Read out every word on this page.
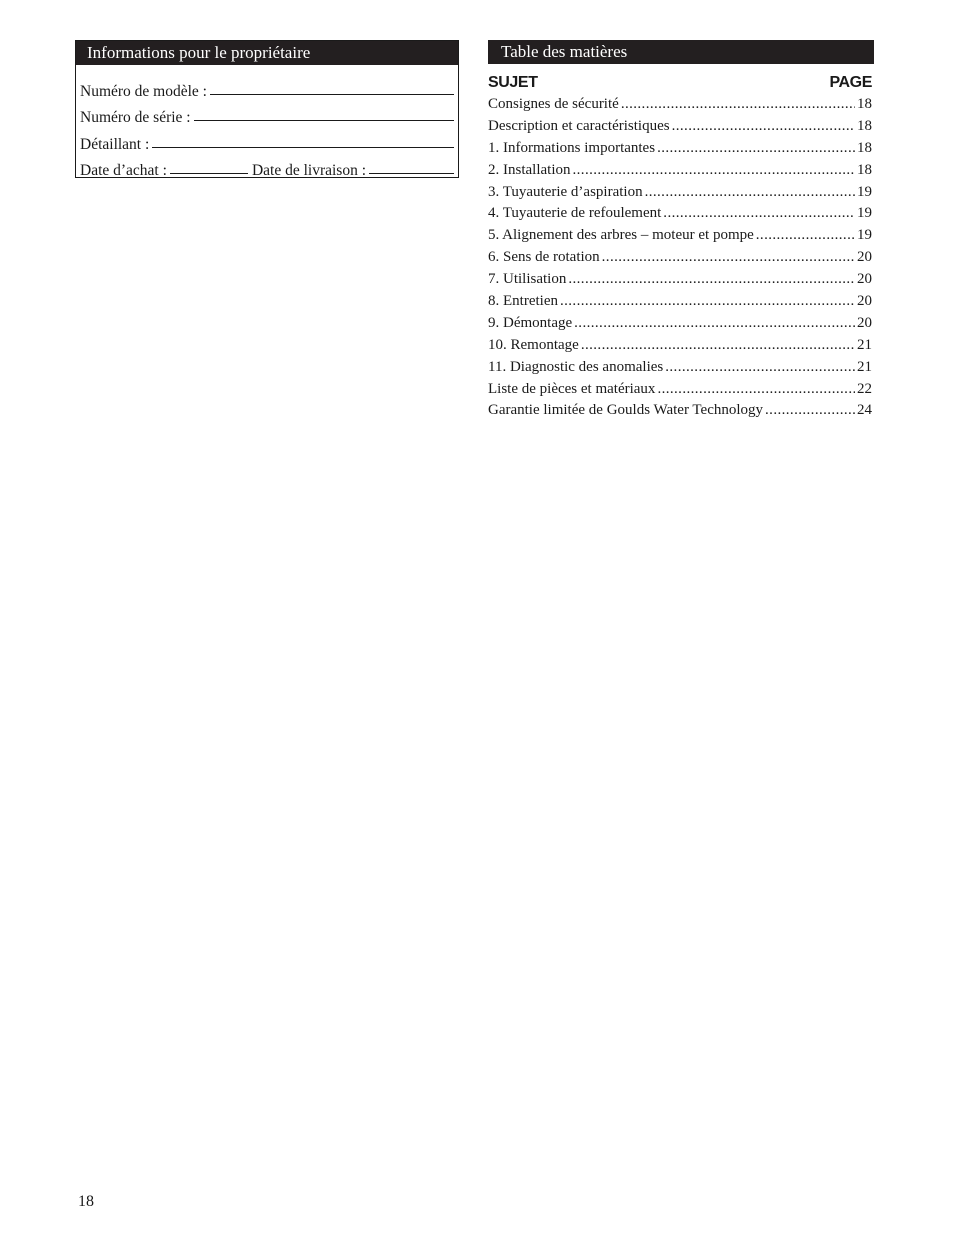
Informations pour le propriétaire
Numéro de modèle :
Numéro de série :
Détaillant :
Date d’achat :	Date de livraison :
Table des matières
SUJET	PAGE
Consignes de sécurité .....	18
Description et caractéristiques .....	18
1. Informations importantes .....	18
2. Installation .....	18
3. Tuyauterie d’aspiration .....	19
4. Tuyauterie de refoulement .....	19
5. Alignement des arbres – moteur et pompe .....	19
6. Sens de rotation .....	20
7. Utilisation .....	20
8. Entretien .....	20
9. Démontage .....	20
10. Remontage .....	21
11. Diagnostic des anomalies .....	21
Liste de pièces et matériaux .....	22
Garantie limitée de Goulds Water Technology .....	24
18
